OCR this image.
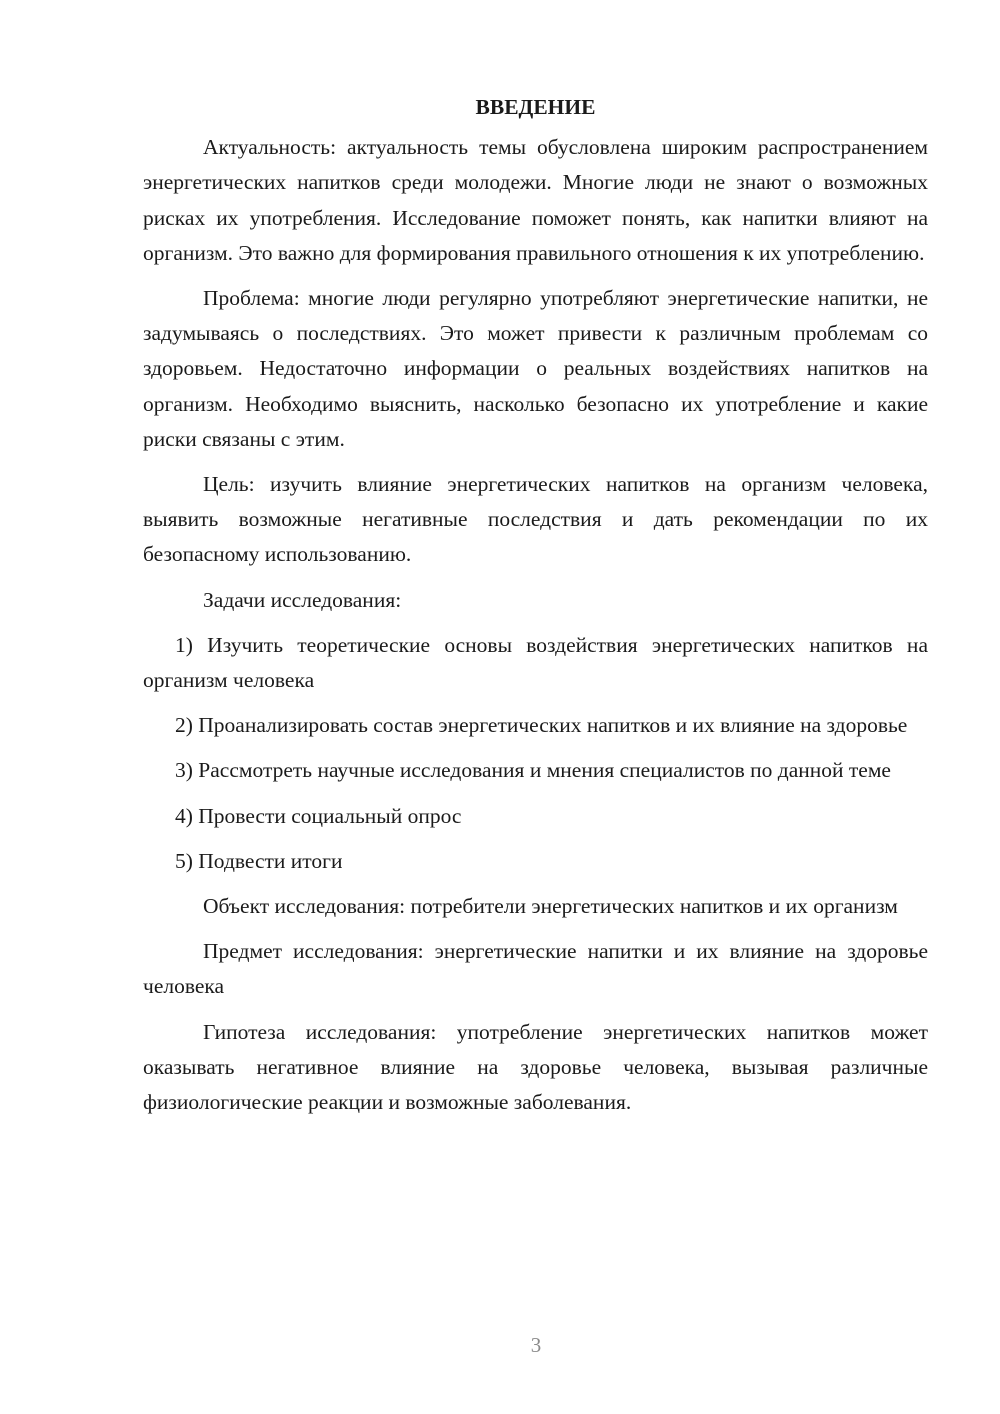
ВВЕДЕНИЕ

Актуальность: актуальность темы обусловлена широким распространением энергетических напитков среди молодежи. Многие люди не знают о возможных рисках их употребления. Исследование поможет понять, как напитки влияют на организм. Это важно для формирования правильного отношения к их употреблению.

Проблема: многие люди регулярно употребляют энергетические напитки, не задумываясь о последствиях. Это может привести к различным проблемам со здоровьем. Недостаточно информации о реальных воздействиях напитков на организм. Необходимо выяснить, насколько безопасно их употребление и какие риски связаны с этим.

Цель: изучить влияние энергетических напитков на организм человека, выявить возможные негативные последствия и дать рекомендации по их безопасному использованию.

Задачи исследования:

1) Изучить теоретические основы воздействия энергетических напитков на организм человека

2) Проанализировать состав энергетических напитков и их влияние на здоровье

3) Рассмотреть научные исследования и мнения специалистов по данной теме

4) Провести социальный опрос

5) Подвести итоги

Объект исследования: потребители энергетических напитков и их организм

Предмет исследования: энергетические напитки и их влияние на здоровье человека

Гипотеза исследования: употребление энергетических напитков может оказывать негативное влияние на здоровье человека, вызывая различные физиологические реакции и возможные заболевания.

3
